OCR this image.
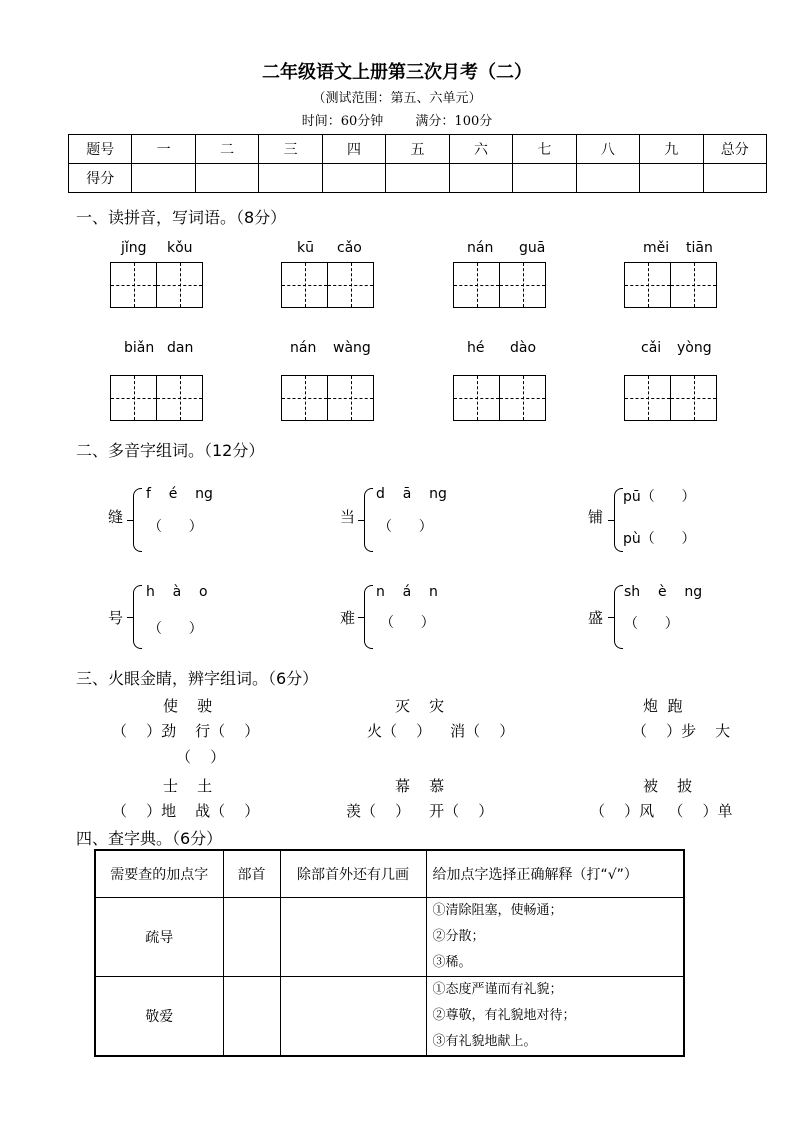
二年级语文上册第三次月考（二）
（测试范围：第五、六单元）
时间：60分钟 满分：100分
题号	一	二	三	四	五	六	七	八	九	总分
得分										
一、读拼音，写词语。（8分）
jǐng kǒu	kū cǎo	nán guā	měi tiān
biǎn dan	nán wàng	hé dào	cǎi yòng
二、多音字组词。（12分）
缝
f    é    ng
（      ）
当
d    ā    ng
（      ）
铺
pū（      ）
pù（      ）
号
h    à    o
（      ）
难
n    á    n
（      ）	盛
sh    è    ng
（      ）
三、火眼金睛，辨字组词。（6分）
使    驶
（    ）劲    行（    ）
（    ）
灭    灾
火（    ）    消（    ）
炮  跑
（    ）步    大
士    土
（    ）地    战（    ）
幕    慕
羡（    ）    开（    ）
被    披
（    ）风   （    ）单
四、查字典。（6分）
需要查的加点字	部首	除部首外还有几画	给加点字选择正确解释（打“√”）
疏导			①清除阻塞，使畅通；
②分散；
③稀。

敬爱			①态度严谨而有礼貌；
②尊敬，有礼貌地对待；
③有礼貌地献上。
